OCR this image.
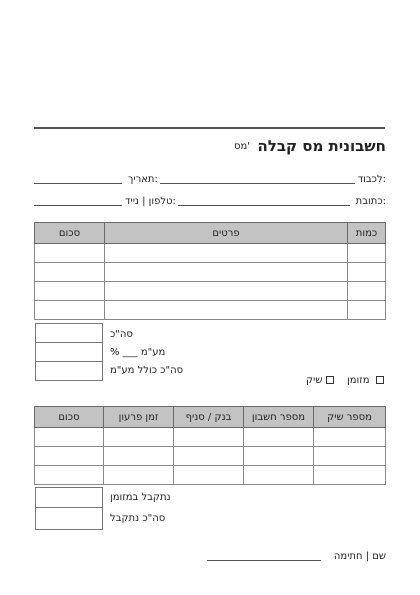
חשבונית מס קבלה
מס'
לכבוד:
תאריך:
כתובת:
טלפון | נייד:
כמות	פרטים	סכום

סה"כ
% ___ מע"מ
סה"כ כולל מע"מ
מזומן
שיק
מספר שיק	מספר חשבון	בנק / סניף	זמן פרעון	סכום

נתקבל במזומן
סה"כ נתקבל
שם | חתימה
